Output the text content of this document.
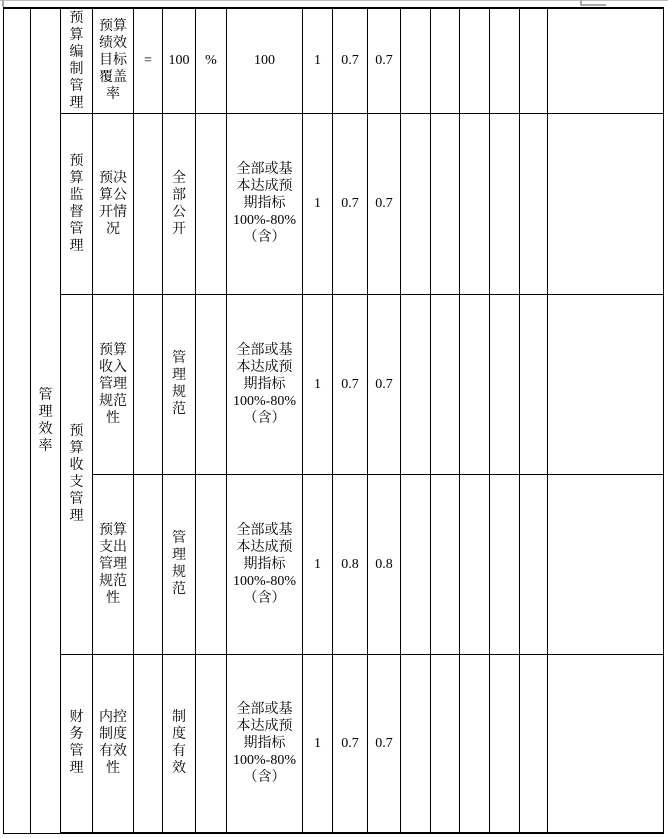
	管理效率	预算编制管理	预算绩效目标覆盖率	=	100	%	100	1	0.7	0.7						
		预算监督管理	预决算公开情况		全部公开		全部或基本达成预期指标100%-80%（含）	1	0.7	0.7						
		预算收支管理	预算收入管理规范性		管理规范		全部或基本达成预期指标100%-80%（含）	1	0.7	0.7						
			预算支出管理规范性		管理规范		全部或基本达成预期指标100%-80%（含）	1	0.8	0.8						
		财务管理	内控制度有效性		制度有效		全部或基本达成预期指标100%-80%（含）	1	0.7	0.7						
